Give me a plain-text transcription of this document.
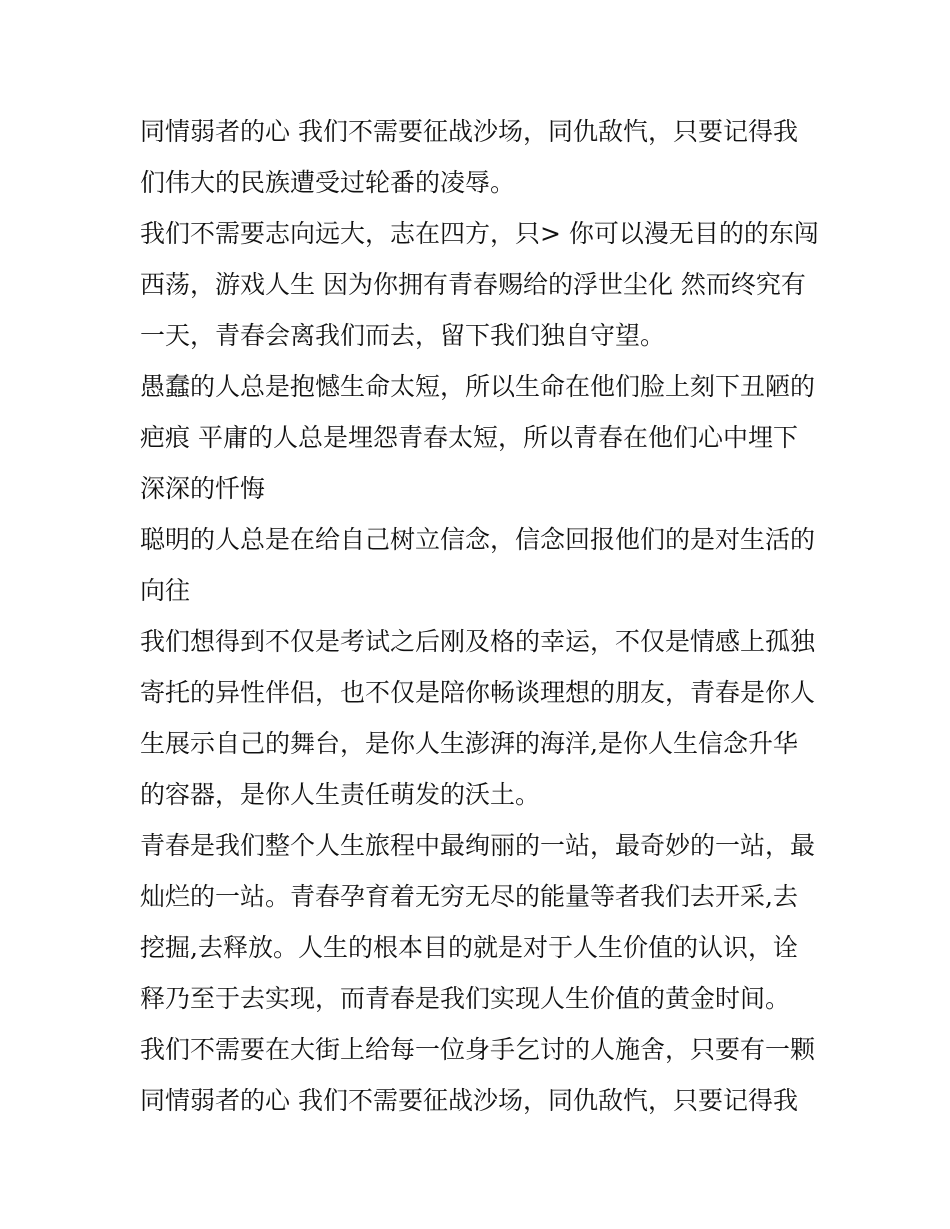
同情弱者的心 我们不需要征战沙场，同仇敌忾，只要记得我
们伟大的民族遭受过轮番的凌辱。
我们不需要志向远大，志在四方，只> 你可以漫无目的的东闯
西荡，游戏人生 因为你拥有青春赐给的浮世尘化 然而终究有
一天，青春会离我们而去，留下我们独自守望。
愚蠢的人总是抱憾生命太短，所以生命在他们脸上刻下丑陋的
疤痕 平庸的人总是埋怨青春太短，所以青春在他们心中埋下
深深的忏悔
聪明的人总是在给自己树立信念，信念回报他们的是对生活的
向往
我们想得到不仅是考试之后刚及格的幸运，不仅是情感上孤独
寄托的异性伴侣，也不仅是陪你畅谈理想的朋友，青春是你人
生展示自己的舞台，是你人生澎湃的海洋,是你人生信念升华
的容器，是你人生责任萌发的沃土。
青春是我们整个人生旅程中最绚丽的一站，最奇妙的一站，最
灿烂的一站。青春孕育着无穷无尽的能量等者我们去开采,去
挖掘,去释放。人生的根本目的就是对于人生价值的认识，诠
释乃至于去实现，而青春是我们实现人生价值的黄金时间。
我们不需要在大街上给每一位身手乞讨的人施舍，只要有一颗
同情弱者的心 我们不需要征战沙场，同仇敌忾，只要记得我
